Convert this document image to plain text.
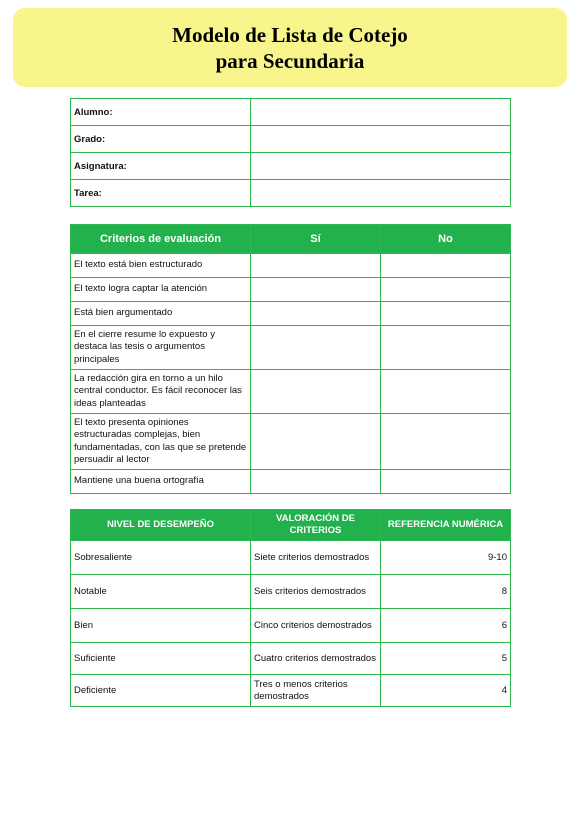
Modelo de Lista de Cotejo
para Secundaria
Alumno:	
Grado:	
Asignatura:	
Tarea:	
Criterios de evaluación	Sí	No
El texto está bien estructurado		
El texto logra captar la atención		
Está bien argumentado		
En el cierre resume lo expuesto y destaca las tesis o argumentos principales		
La redacción gira en torno a un hilo central conductor. Es fácil reconocer las ideas planteadas		
El texto presenta opiniones estructuradas complejas, bien fundamentadas, con las que se pretende persuadir al lector		
Mantiene una buena ortografía		
NIVEL DE DESEMPEÑO	VALORACIÓN DE CRITERIOS	REFERENCIA NUMÉRICA
Sobresaliente	Siete criterios demostrados	9-10
Notable	Seis criterios demostrados	8
Bien	Cinco criterios demostrados	6
Suficiente	Cuatro criterios demostrados	5
Deficiente	Tres o menos criterios demostrados	4
